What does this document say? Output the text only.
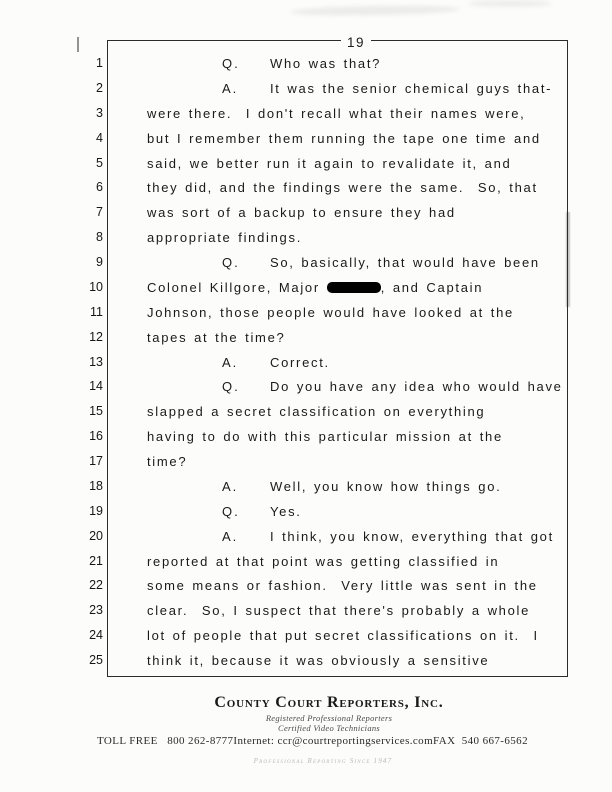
19
1	Q. Who was that?
2	A. It was the senior chemical guys that-
3	were there.  I don't recall what their names were,
4	but I remember them running the tape one time and
5	said, we better run it again to revalidate it, and
6	they did, and the findings were the same.  So, that
7	was sort of a backup to ensure they had
8	appropriate findings.
9	Q. So, basically, that would have been
10	Colonel Killgore, Major	, and Captain
11	Johnson, those people would have looked at the
12	tapes at the time?
13	A. Correct.
14	Q. Do you have any idea who would have
15	slapped a secret classification on everything
16	having to do with this particular mission at the
17	time?
18	A. Well, you know how things go.
19	Q. Yes.
20	A. I think, you know, everything that got
21	reported at that point was getting classified in
22	some means or fashion.  Very little was sent in the
23	clear.  So, I suspect that there's probably a whole
24	lot of people that put secret classifications on it.  I
25	think it, because it was obviously a sensitive
County Court Reporters, Inc.
Registered Professional Reporters
Certified Video Technicians
TOLL FREE 800 262-8777 Internet: ccr@courtreportingservices.com FAX 540 667-6562
Professional Reporting Since 1947
